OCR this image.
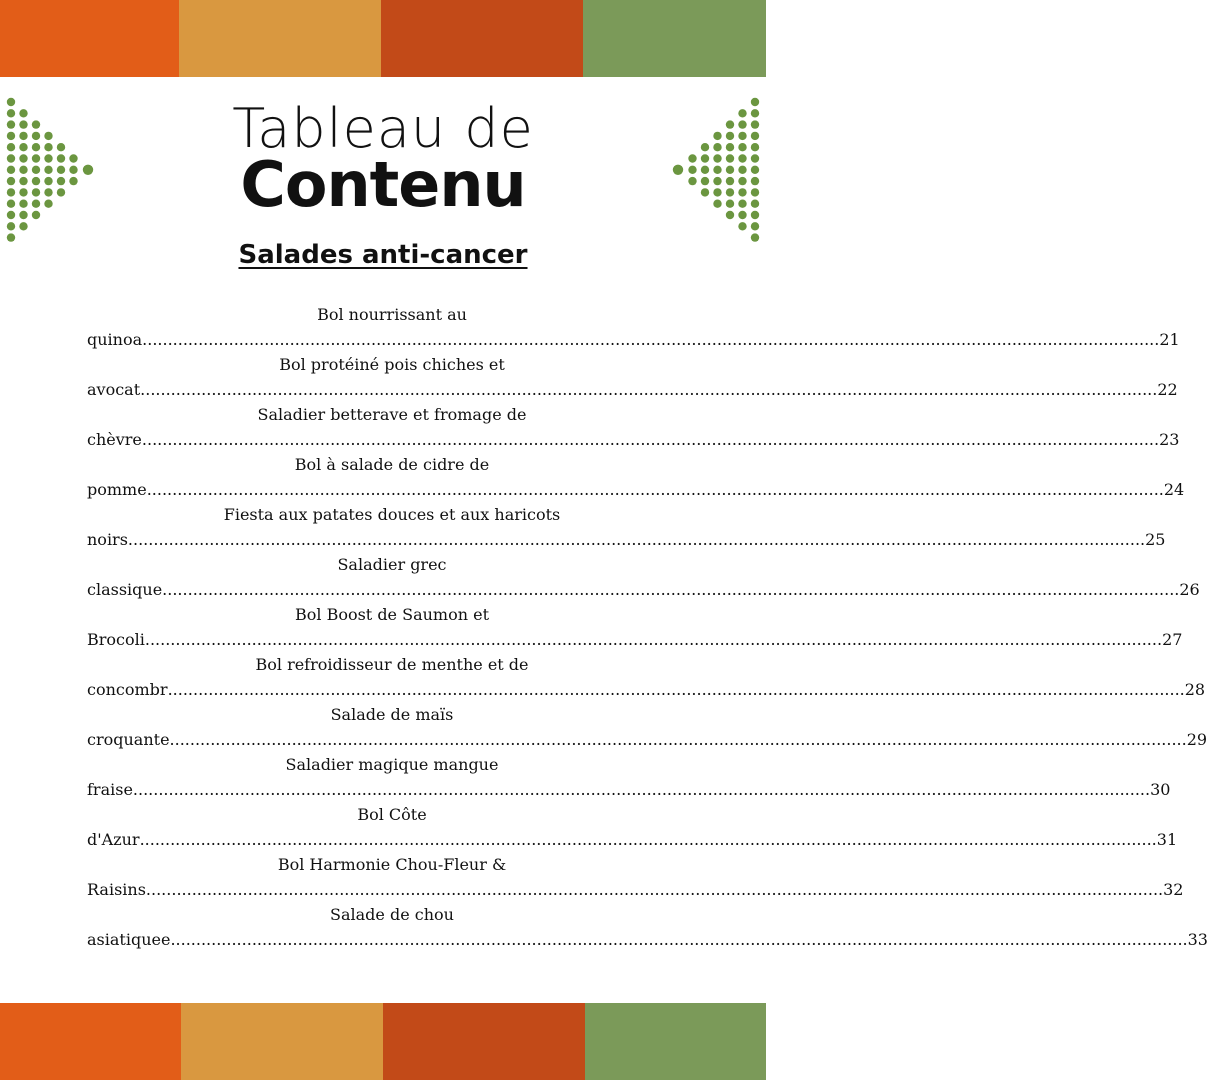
Tableau de
Contenu
Salades anti-cancer
Bol nourrissant au
quinoa ........................................................................................................................................................................................................ 21
Bol protéiné pois chiches et
avocat ........................................................................................................................................................................................................ 22
Saladier betterave et fromage de
chèvre ........................................................................................................................................................................................................ 23
Bol à salade de cidre de
pomme ........................................................................................................................................................................................................ 24
Fiesta aux patates douces et aux haricots
noirs ........................................................................................................................................................................................................ 25
Saladier grec
classique ........................................................................................................................................................................................................ 26
Bol Boost de Saumon et
Brocoli ........................................................................................................................................................................................................ 27
Bol refroidisseur de menthe et de
concombr ........................................................................................................................................................................................................ 28
Salade de maïs
croquante ........................................................................................................................................................................................................ 29
Saladier magique mangue
fraise ........................................................................................................................................................................................................ 30
Bol Côte
d'Azur ........................................................................................................................................................................................................ 31
Bol Harmonie Chou-Fleur &
Raisins ........................................................................................................................................................................................................ 32
Salade de chou
asiatiquee ........................................................................................................................................................................................................ 33
